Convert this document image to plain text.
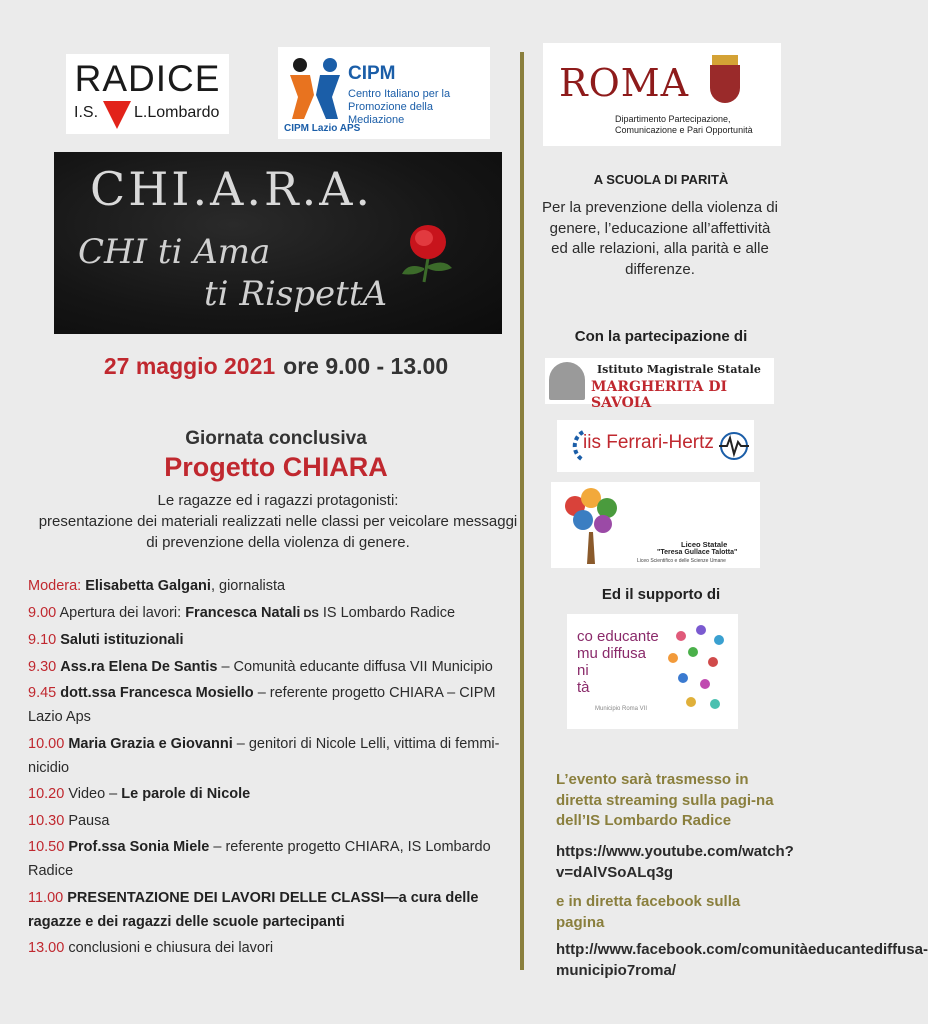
RADICE
I.S. L.Lombardo
CIPM
Centro Italiano per la
Promozione della Mediazione
CIPM Lazio APS
CHI.A.R.A.
CHI ti Ama
ti RispettA
27 maggio 2021 ore 9.00 - 13.00
Giornata conclusiva
Progetto CHIARA
Le ragazze ed i ragazzi protagonisti:
presentazione dei materiali realizzati nelle classi per veicolare messaggi
di prevenzione della violenza di genere.
Modera: Elisabetta Galgani, giornalista
9.00 Apertura dei lavori: Francesca Natali DS IS Lombardo Radice
9.10 Saluti istituzionali
9.30 Ass.ra Elena De Santis – Comunità educante diffusa VII Municipio
9.45 dott.ssa Francesca Mosiello – referente progetto CHIARA – CIPM Lazio Aps
10.00 Maria Grazia e Giovanni – genitori di Nicole Lelli, vittima di femmi-nicidio
10.20 Video – Le parole di Nicole
10.30 Pausa
10.50 Prof.ssa Sonia Miele – referente progetto CHIARA, IS Lombardo Radice
11.00 PRESENTAZIONE DEI LAVORI DELLE CLASSI—a cura delle ragazze e dei ragazzi delle scuole partecipanti
13.00 conclusioni e chiusura dei lavori
ROMA
Dipartimento Partecipazione,
Comunicazione e Pari Opportunità
A SCUOLA DI PARITÀ
Per la prevenzione della violenza di genere, l’educazione all’affettività ed alle relazioni, alla parità e alle differenze.
Con la partecipazione di
Istituto Magistrale Statale
MARGHERITA DI SAVOIA
iis Ferrari-Hertz
Liceo Statale
"Teresa Gullace Talotta"
Liceo Scientifico e delle Scienze Umane
Ed il supporto di
co educante
mu diffusa
ni
tà
Municipio Roma VII
L’evento sarà trasmesso in diretta streaming sulla pagi-na dell’IS Lombardo Radice
https://www.youtube.com/watch?v=dAlVSoALq3g
e in diretta facebook sulla pagina
http://www.facebook.com/comunitàeducantediffusa-municipio7roma/
